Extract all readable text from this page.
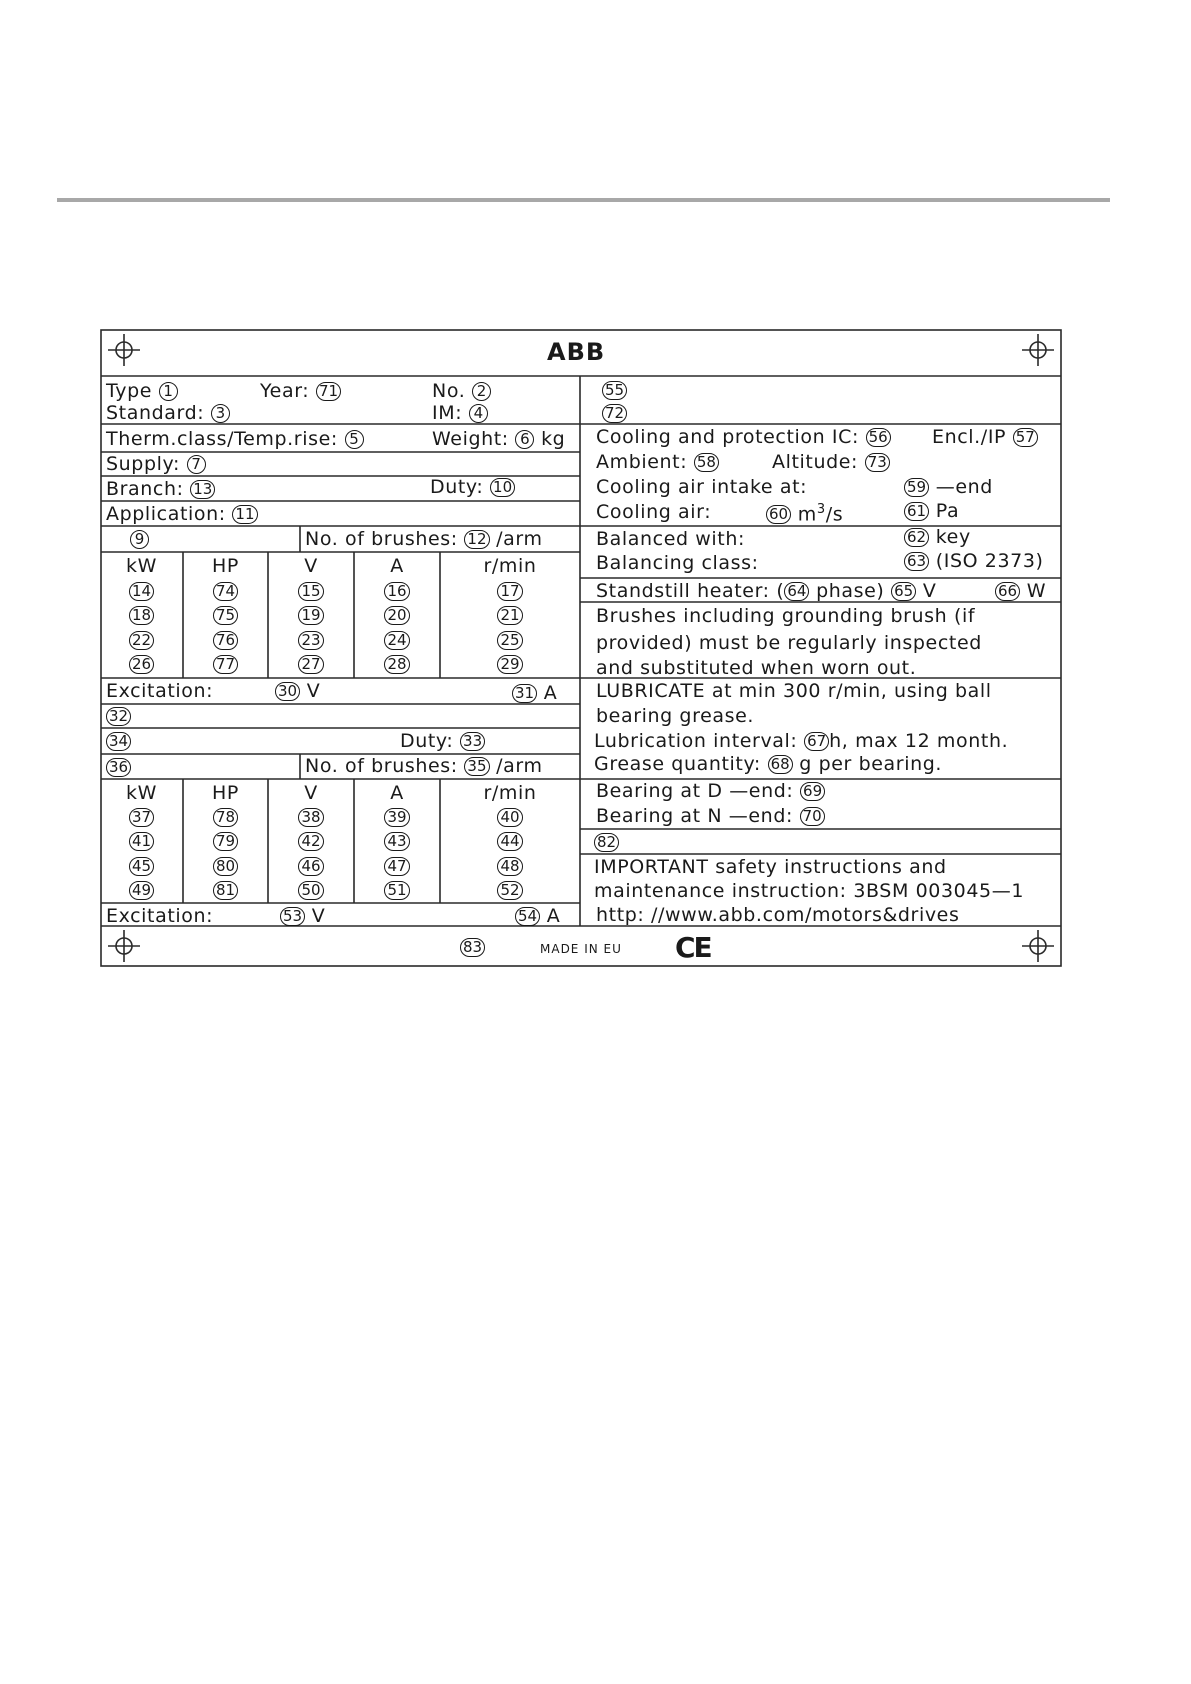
ABB
Type 1	Year: 71	No. 2
Standard: 3	IM: 4
Therm.class/Temp.rise: 5	Weight: 6 kg
Supply: 7
Branch: 13	Duty: 10
Application: 11
9	No. of brushes: 12 /arm
kW	HP	V	A	r/min
14	74	15	16	17
18	75	19	20	21
22	76	23	24	25
26	77	27	28	29
Excitation:	30 V	31 A
32
34	Duty: 33
36	No. of brushes: 35 /arm
kW	HP	V	A	r/min
37	78	38	39	40
41	79	42	43	44
45	80	46	47	48
49	81	50	51	52
Excitation:	53 V	54 A
55
72
Cooling and protection IC: 56 Encl./IP 57
Ambient: 58	Altitude: 73
Cooling air intake at:	59 —end
Cooling air:	60 $m^3/s$	61 Pa
Balanced with:	62 key
Balancing class:	63 (ISO 2373)
Standstill heater: ( 64 phase) 65 V	66 W
Brushes including grounding brush (if
provided) must be regularly inspected
and substituted when worn out.
LUBRICATE at min 300 r/min, using ball
bearing grease.
Lubrication interval: 67 h, max 12 month.
Grease quantity: 68 g per bearing.
Bearing at D —end: 69
Bearing at N —end: 70
82
IMPORTANT safety instructions and
maintenance instruction: 3BSM 003045—1
http: //www.abb.com/motors&drives
83	MADE IN EU CE
